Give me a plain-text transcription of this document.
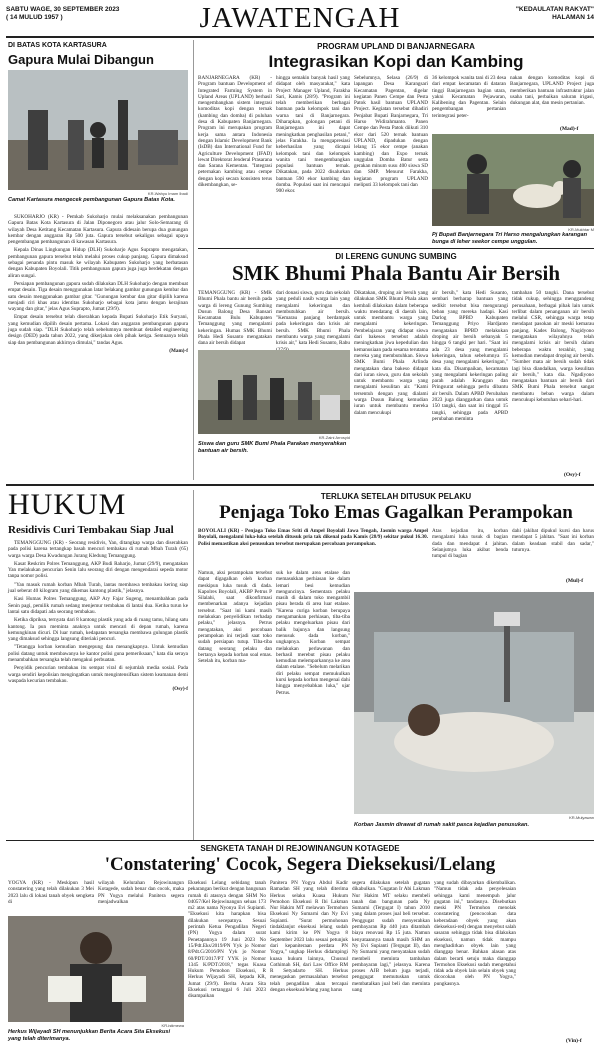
SABTU WAGE, 30 SEPTEMBER 2023
( 14 MULUD 1957 )	JAWATENGAH	"KEDAULATAN RAKYAT"
HALAMAN 14
DI BATAS KOTA KARTASURA
Gapura Mulai Dibangun
KR-Wahyu Imam Ibadi
Camat Kartasura mengecek pembangunan Gapura Batas Kota.

SUKOHARJO (KR) - Pemkab Sukoharjo mulai melaksanakan pembangunan Gapura Batas Kota Kartasura di Jalan Diponegoro atau jalur Solo-Semarang di wilayah Desa Ketitang Kecamatan Kartasura. Gapura didesain berupa dua gunungan kembar dengan anggaran Rp 500 juta. Gapura tersebut sekaligus sebagai upaya pengembangan pembangunan di kawasan Kartasura.

Kepala Dinas Lingkungan Hidup (DLH) Sukoharjo Agus Suprapto mengatakan, pembangunan gapura tersebut telah melalui proses cukup panjang. Gapura dimaksud sebagai penanda pintu masuk ke wilayah Kabupaten Sukoharjo yang berbatasan dengan Kabupaten Boyolali. Titik pembangunan gapura juga juga berdekatan dengan aliran sungai.

Persiapan pembangunan gapura sudah dilakukan DLH Sukoharjo dengan membuat empat desain. Tiga desain menggunakan latar belakang gambar gunungan kembar dan satu desain menggunakan gambar gitar. "Gunungan kembar dan gitar dipilih karena menjadi ciri khas atau identitas Sukoharjo sebagai kota jamu dengan kerajinan wayang dan gitar," jelas Agus Suprapto, Jumat (29/9).

Empat desain tersebut telah diserahkan kepada Bupati Sukoharjo Etik Suryani, yang kemudian dipilih desain pertama. Lokasi dan anggaran pembangunan gapura juga sudah siap. "DLH Sukoharjo telah sebelumnya membuat detailed engineering design (DED) pada tahun 2022, yang dikerjakan oleh pihak ketiga. Semuanya telah siap dan pembangunan akhirnya dimulai," tandas Agus.

(Mam)-f

PROGRAM UPLAND DI BANJARNEGARA
Integrasikan Kopi dan Kambing
BANJARNEGARA (KR) - Program bantuan Development of Integrated Farming System in Upland Areas (UPLAND) berhasil mengembangkan sistem integrasi komoditas kopi dengan ternak (kambing dan domba) di puluhan desa di Kabupaten Banjarnegara. Program ini merupakan program kerja sama antara Indonesia dengan Islamic Development Bank (IsDB) dan International Fund for Agriculture Development (IFAD) lewat Direktorat Jenderal Prasarana dan Sarana Kementan. "Integrasi peternakan kambing atau cempe dengan kopi secara konsisten terus dikembangkan, se-
hingga semakin banyak hasil yang didapat oleh masyarakat," kata Project Manager Upland, Farakha Sari, Kamis (28/9). "Program ini telah memberikan berbagai bantuan pada kelompok tani dan warna tani di Banjarnegara. Diharapkan, golongan petani di Banjarnegara ini dapat meningkatkan penghasilan petani," jelas Farakha. Ia mengapresiasi keberhasilan yang dicapai kelompok tani dan kelompok wanita tani mengembangkan populasi bantuan ternak. Dikatakan, pada 2022 disalurkan bantuan 590 ekor kambing dan domba. Populasi saat ini mencapai 900 ekor.
Sebelumnya, Selasa (26/9) di lapangan Desa Karangsari Kecamatan Pagentan, digelar kegiatan Panen Cempe dan Pesta Patok hasil bantuan UPLAND Project. Kegiatan tersebut dihadiri Penjabat Bupati Banjarnegara, Tri Harso Widirahmanto. Panen Cempe dan Pesta Patok diikuti 310 ekor dari 520 ternak bantuan UPLAND, dipadukan dengan lelang 15 ekor cempe (anakan kambing) dan Expo ternak unggulan Domba Batur serta gerakan minum susu 400 siswa SD dan SMP. Menurut Farakha, kegiatan program UPLAND meliputi 33 kelompok tani dan
36 kelompok wanita tani di 23 desa dari empat kecamatan di dataran tinggi Banjarnegara bagian utara, yakni Kecamatan Pejawaran, Kalibening dan Pagentan. Selain pengembangan pertanian terintegrasi peter-
nakan dengan komoditas kopi di Banjarnegara, UPLAND Project juga memberikan bantuan infrastruktur jalan usaha tani, perbaikan saluran irigasi, dukungan alat, dan mesin pertanian.
(Mad)-f
KR-Mukhtar M
Pj Bupati Banjarnegara Tri Harso mengalungkan karangan bunga di leher seekor cempe unggulan.
DI LERENG GUNUNG SUMBING
SMK Bhumi Phala Bantu Air Bersih
TEMANGGUNG (KR) - SMK Bhumi Phala bantu air bersih pada warga di lereng Gunung Sumbing Dusun Balong Desa Bansari Kecamatan Bulu Kabupaten Temanggung yang mengalami kekeringan. Humas SMK Bhumi Phala Hedi Susanto mengatakan dana air bersih didapat
dari donasi siswa, guru dan sekolah yang peduli nasib warga lain yang mengalami kekeringan dan membutuhkan air bersih. "Kemarau panjang berdampak pada kekeringan dan krisis air bersih. SMK Bhumi Phala membantu warga yang mengalami krisis air," kata Hedi Susanto, Rabu
KR-Zaini Arrosyid
Siswa dan guru SMK Bumi Phala Parakan menyerahkan bantuan air bersih.
Dikatakan, droping air bersih yang dilakukan SMK Bhumi Phala akan kembali dilakukan dalam beberapa waktu mendatang di daerah lain, untuk membantu warga yang mengalami kekeringan. Pembelajaran yang didapat siswa dari bakesos tersebut adalah meningkatkan jiwa kepedulian dan kemanusiaan pada sesama terutama mereka yang membutuhkan. Siswa SMK Bumi Phala Arlinda mengatakan dana bakeso didapat dari iuran siswa, guru dan sekolah untuk membantu warga yang mengalami kesulitan air. "Kami tersentuh dengan yang dialami warga Dusun Balong kemudian iuran untuk membantu mereka dalam mencukupi
air bersih," kata Hedi Susanto, sembari berharap bantuan yang sedikit tersebut bisa mengurangi beban yang mereka hadapi. Kasi Darlog BPBD Kabupaten Temanggung Priyo Hardjanto mengatakan BPBD melakukan droping air bersih sebanyak 5 hingga 6 tangki per hari. "Saat ini ada 23 desa yang mengalami kekeringan, tahun sebelumnya 15 desa yang mengalami kekeringan," kata dia. Disampaikan, kecamatan yang mengalami kekeringan paling parah adalah Kranggan dan Pringsurat sehingga perlu dibantu air bersih. Dalam APBD Perubahan 2023 juga dianggarkan dana untuk 150 tangki, dan saat ini tinggal 15 tangki, sehingga pada APBD perubahan meminta
tambahan 50 tangki. Dana tersebut tidak cukup, sehingga menggandeng perusahaan, berbagai pihak lain untuk terlibat dalam penanganan air bersih melalui CSR, sehingga warga tetap mendapat pasokan air meski kemarau panjang. Kades Balong, Nagidyono mengatakan wilayahnya telah mengalami krisis air bersih dalam beberapa waktu terakhir, yang kemudian mendapat droping air bersih. "Sumber mata air bersih sudah tidak lagi bisa diandalkan, warga kesulitan air bersih," kata dia. Ngadiyono mengatakan bantuan air bersih dari SMK Bumi Phala tersebut sangat membantu beban warga dalam mencukupi kebutuhan sehari-hari.
(Osy)-f
HUKUM
Residivis Curi Tembakau Siap Jual

TEMANGGUNG (KR) - Seorang residivis, Yan, ditangkap warga dan diserahkan pada polisi karena tertangkap basah mencuri tembakau di rumah Mbah Turah (65) warga warga Desa Kwadungan Jurang Kledung Temanggung.

Kasat Reskrim Polres Temanggung, AKP Budi Raharjo, Jumat (29/9), mengatakan Yan melakukan pencurian Senin lalu seorang diri dengan mengendarai sepeda motor tanpa nomor polisi.

"Yan masuk rumah korban Mbah Turah, lantas membawa tembakau kering siap jual seberat 40 kilogram yang dikemas kantong plastik," jelasnya.

Kasi Humas Polres Temanggung, AKP Ary Fajar Sugeng, menambahkan pada Senin pagi, pemilik rumah sedang menjemur tembakau di lantai dua. Ketika turun ke lantai satu didapati ada seorang tembakau.

Ketika dipriksa, ternyata dari 8 kantong plastik yang ada di ruang tamu, hilang satu kantong. Ia pun meminta anaknya untuk mencari di depan rumah, karena kemungkinan dicuri. Di luar rumah, kedapatan tersangka membawa gulungan plastik yang dimaksud sehingga langsung diteriaki pencuri.

"Tetangga korban kemudian mengepung dan menangkapnya. Untuk kemudian polisi datang untuk membawanya ke kantor polisi guna pemeriksaan," kata dia seraya menambahkan tersangka telah mengakui perbuatan.

Penyidik pencurian tembakau itu sempat viral di sejumlah media sosial. Pada warga sendiri kepolisian mengingatkan untuk mengintensifkan sistem keamanan demi waspada kecurian tembakau.

(Osy)-f

TERLUKA SETELAH DITUSUK PELAKU
Penjaga Toko Emas Gagalkan Perampokan
BOYOLALI (KR) - Penjaga Toko Emas Sriti di Ampel Boyolali Jawa Tengah, Jasmin warga Ampel Boyolali, mengalami luka-luka setelah ditusuk pria tak dikenal pada Kamis (28/9) sekitar pukul 16.30. Polisi memastikan aksi penusukan tersebut merupakan percobaan perampokan.
Atas kejadian itu, korban mengalami luka tusuk di bagian dada dan mendapat 4 jahitan. Selanjutnya luka akibat benda tumpul di bagian
dahi (akibat dipukul kursi dan harus mendapat 5 jahitan. "Saat ini korban dalam keadaan stabil dan sadar," tuturnya.
(Mul)-f
Namun, aksi perampokan tersebut dapat digagalkan oleh korban meskipun luka tusuk di dada. Kapolres Boyolali, AKBP Petrus P Silalahi, saat dikonfirmasi membenarkan adanya kejadian tersebut. "Saat ini kami masih melakukan penyelidikan terhadap pelaku," jelasnya. Petrus mengatakan, aksi percobaan perampokan ini terjadi saat toko sudah persiapan tutup. Tiba-tiba datang seorang pelaku dan bertanya kepada korban soal emas. Setelah itu, korban ma-
suk ke dalam area etalase dan memasukkan perhiasan ke dalam lemari besi kemudian menguncinya. Sementara pelaku masih di dalam toko mengambil pisau berada di area luar etalase. "Karena curiga korban berupaya mengamankan perhiasan, tiba-tiba pelaku mengeluarkan pisau dari balik bajunya dan langsung menusuk dada korban," ungkapnya. Korban sempat melakukan perlawanan dan berhasil merebut pisau pelaku kemudian melemparkannya ke area dalam etalase. "Sebelum melarikan diri pelaku sempat memukulkan kursi kepada korban mengenai dahi hingga menyebabkan luka," ujar Petrus.
KR-Mulyawan
Korban Jasmin dirawat di rumah sakit pasca kejadian penusukan.
SENGKETA TANAH DI REJOWINANGUN KOTAGEDE
'Constatering' Cocok, Segera Dieksekusi/Lelang
YOGYA (KR) - Meskipun hasil constatering yang telah dilakukan 3 Mei 2023 lalu di lokasi tanah obyek sengketa di
wilayah Kelurahan Rejowinangun Kotagede, sudah benar dan cocok, maka PN Yogya melalui Panitera segera menjadwalkan
KR-istimewa
Herkus Wijayadi SH menunjukkan Berita Acara Sita Eksekusi yang telah diterimanya.
Eksekusi Lelang sebidang tanah pekarangan berikut dengan bangunan rumah di atasnya dengan SHM No 04057/Kel Rejowinangun seluas 173 m2 atas nama Nyonya Evi Supianti. "Eksekusi kita harapkan bisa dilakukan secepatnya. Sesuai perintah Ketua Pengadilan Negeri (PN) Yogya dalam surat Penetapannya 19 Juni 2023 No 15/Pdt.Eks/2019/PN Yyk jo Nomor 8/Pdt.G/2016/PN Yyk jo Nomor 60/PDT/2017/PT YYK jo Nomor 1345 K/PDT/2018," tegas Kuasa Hukum Pemohon Eksekusi, R Herkus Wijayadi SH, kepada KR, Jumat (29/9). Berita Acara Sita Eksekusi tertanggal 6 Juli 2023 disampaikan
Panitera PN Yogya Abdul Kadir Ramadan SH yang telah diterima Herkus selaku Kuasa Hukum Pemohon Eksekusi R Ibi Lakman Nur Hakim MT melawan Termohon Eksekusi Ny Sumarni dan Ny Evi Supianti. "Surat permohonan tindaklanjut eksekusi lelang sudah kami kirim ke PN Yogya 8 September 2023 lalu sesuai petunjuk dari kepaniteraan perdata PN Yogya," ungkap Herkus didampingi kuasa hukum lainnya, Chusnul Cothimah SH, dari Law Office RM R Setyadarto SH. Herkus menegaskan permasalahan tersebut telah pengadilan akan tercapai dengan eksekusi/lelang yang harus
segera dilakukan setelah gugatan dikabulkan. "Gugatan Ir Abi Lakman Nur Hakim MT selaku membeli tanah dan bangunan pada Ny Sumarni (Tergugat I) tahun 2010 yang dalam proses jual beli tersebut. Penggugat sudah menyerahkan pembayaran Rp 440 juta ditambah biaya renovasi Rp 15 juta. Namun kenyataannya tanah masih SHM an Ny Evi Supianti (Tergugat II), dan Ny Sumarni yang menyatakan sudah membeli meminta tambahan pembayaran lagi," jelasnya. Karena proses AJB belum juga terjadi, penggugat memutuskan untuk membatalkan jual beli dan meminta uang
yang sudah dibayarkan dikembalikan. "Namun tidak ada penyelesaian sehingga kami menempuh jalur gugatan ini," tandasnya. Disebutkan meski PN Termohon menolak constatering (pencocokan data keberadaan obyek yang akan dieksekusi-red) dengan menyebut salah sasaran sehingga tidak bisa dilakukan eksekusi, namun tidak mampu menghadirkan obyek lain yang dianggap benar. Bahkan alasan atas dalam berarti setuju maka dianggap Termohon Eksekusi sudah mengetahui tidak ada obyek lain selain obyek yang dicocokan oleh PN Yogya," pungkasnya.
(Vin)-f
